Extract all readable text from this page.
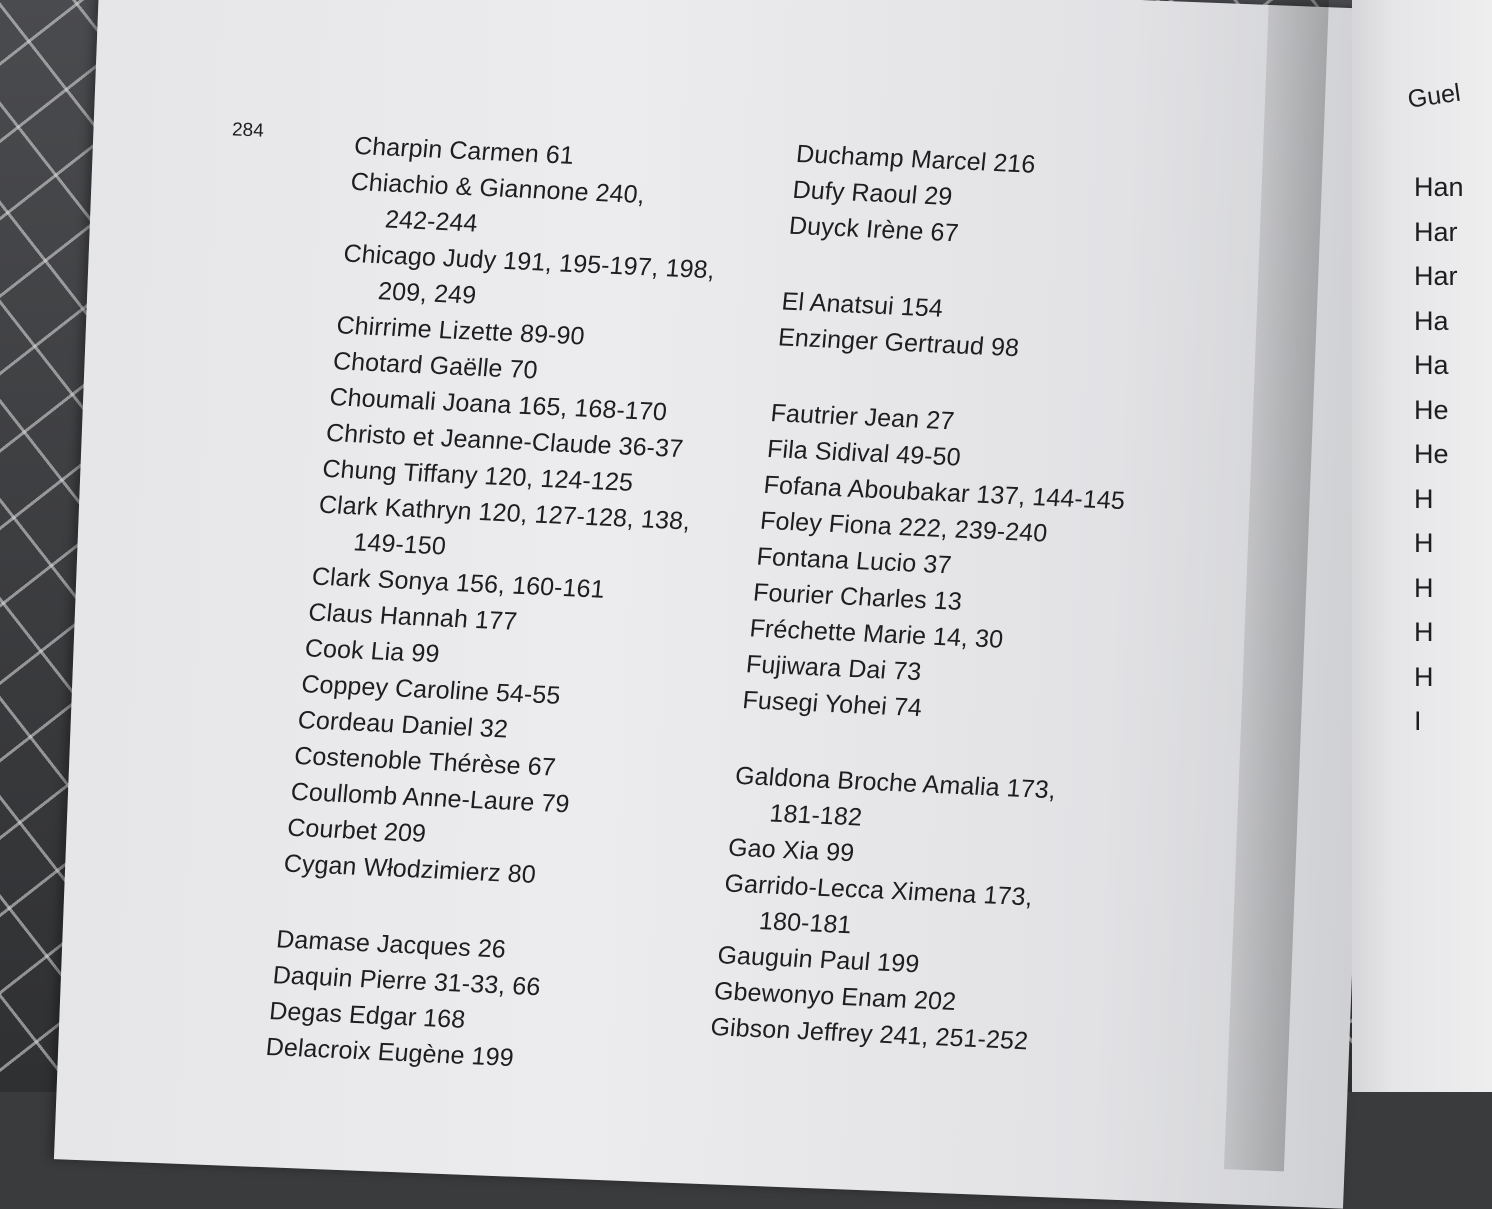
284
Charpin Carmen 61
Chiachio & Giannone 240,
242-244
Chicago Judy 191, 195-197, 198,
209, 249
Chirrime Lizette 89-90
Chotard Gaëlle 70
Choumali Joana 165, 168-170
Christo et Jeanne-Claude 36-37
Chung Tiffany 120, 124-125
Clark Kathryn 120, 127-128, 138,
149-150
Clark Sonya 156, 160-161
Claus Hannah 177
Cook Lia 99
Coppey Caroline 54-55
Cordeau Daniel 32
Costenoble Thérèse 67
Coullomb Anne-Laure 79
Courbet 209
Cygan Włodzimierz 80
Damase Jacques 26
Daquin Pierre 31-33, 66
Degas Edgar 168
Delacroix Eugène 199
Duchamp Marcel 216
Dufy Raoul 29
Duyck Irène 67
El Anatsui 154
Enzinger Gertraud 98
Fautrier Jean 27
Fila Sidival 49-50
Fofana Aboubakar 137, 144-145
Foley Fiona 222, 239-240
Fontana Lucio 37
Fourier Charles 13
Fréchette Marie 14, 30
Fujiwara Dai 73
Fusegi Yohei 74
Galdona Broche Amalia 173,
181-182
Gao Xia 99
Garrido-Lecca Ximena 173,
180-181
Gauguin Paul 199
Gbewonyo Enam 202
Gibson Jeffrey 241, 251-252
Guel
Han
Har
Har
Ha
Ha
He
He
H
H
H
H
H
I
